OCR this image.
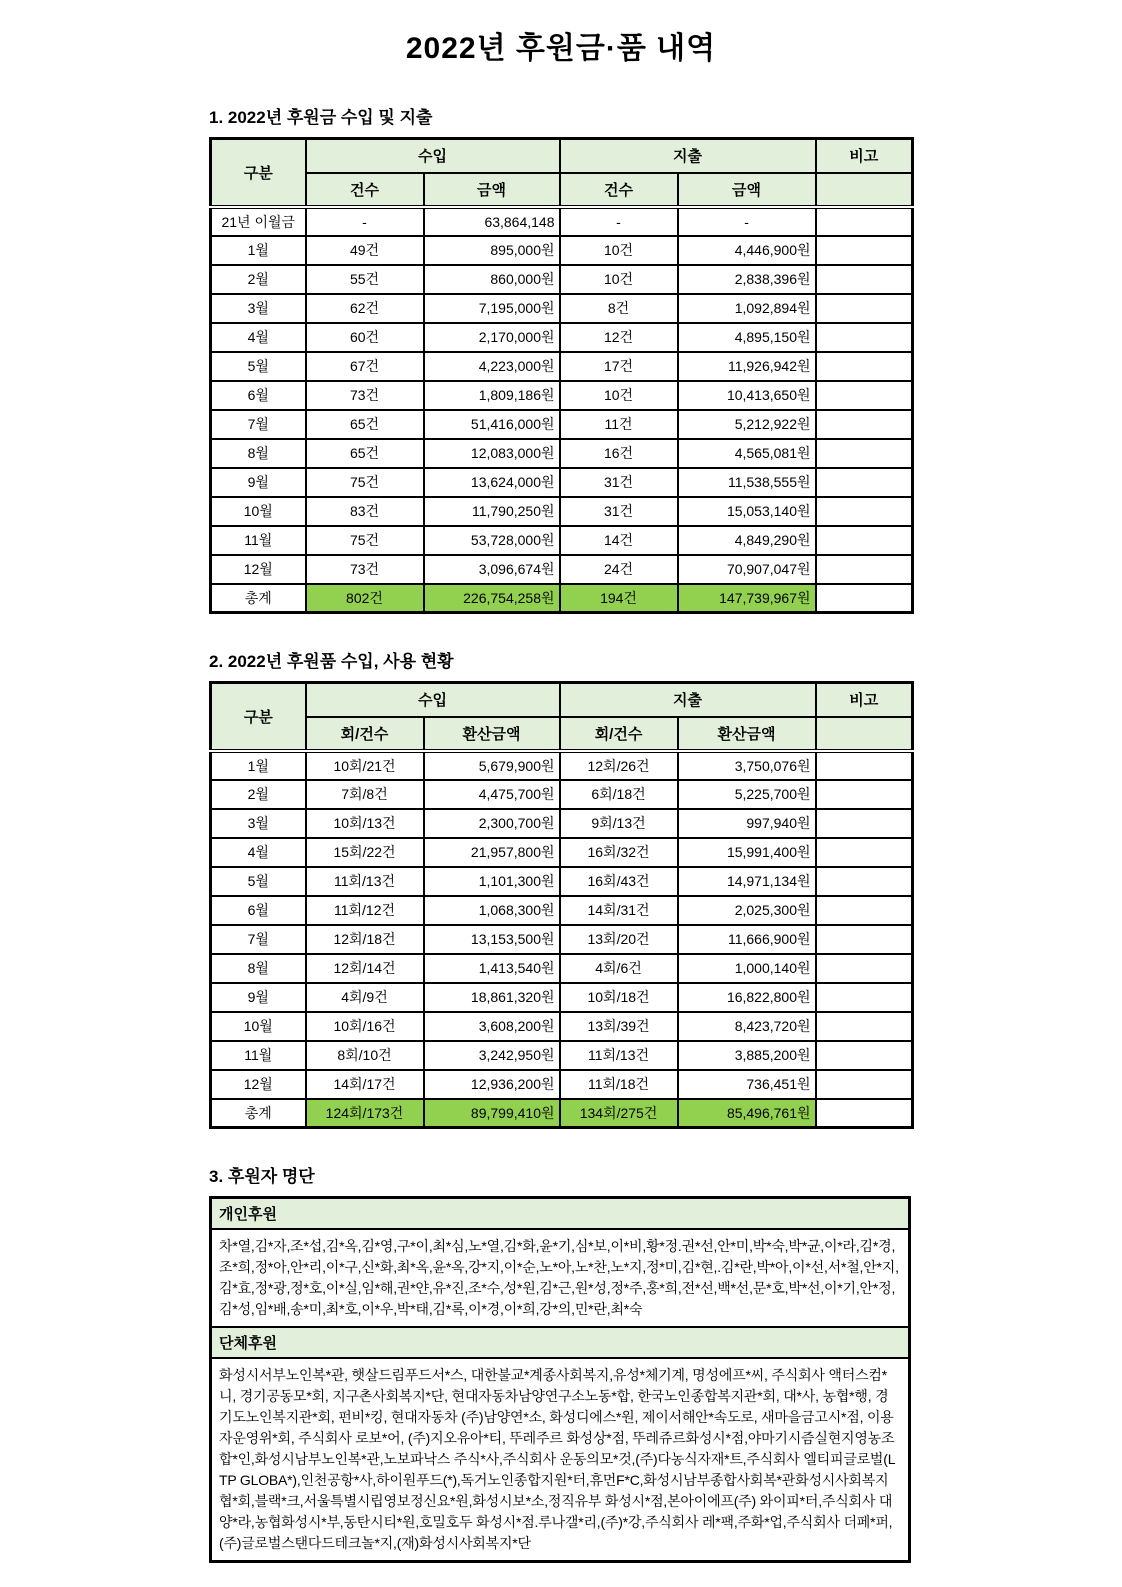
2022년 후원금·품 내역
1. 2022년 후원금 수입 및 지출
구분	수입		지출		비고
	건수	금액	건수	금액	
21년 이월금	-	63,864,148	-	-	
1월	49건	895,000원	10건	4,446,900원	
2월	55건	860,000원	10건	2,838,396원	
3월	62건	7,195,000원	8건	1,092,894원	
4월	60건	2,170,000원	12건	4,895,150원	
5월	67건	4,223,000원	17건	11,926,942원	
6월	73건	1,809,186원	10건	10,413,650원	
7월	65건	51,416,000원	11건	5,212,922원	
8월	65건	12,083,000원	16건	4,565,081원	
9월	75건	13,624,000원	31건	11,538,555원	
10월	83건	11,790,250원	31건	15,053,140원	
11월	75건	53,728,000원	14건	4,849,290원	
12월	73건	3,096,674원	24건	70,907,047원	
총계	802건	226,754,258원	194건	147,739,967원	
2. 2022년 후원품 수입, 사용 현황
구분	수입		지출		비고
	회/건수	환산금액	회/건수	환산금액	
1월	10회/21건	5,679,900원	12회/26건	3,750,076원	
2월	7회/8건	4,475,700원	6회/18건	5,225,700원	
3월	10회/13건	2,300,700원	9회/13건	997,940원	
4월	15회/22건	21,957,800원	16회/32건	15,991,400원	
5월	11회/13건	1,101,300원	16회/43건	14,971,134원	
6월	11회/12건	1,068,300원	14회/31건	2,025,300원	
7월	12회/18건	13,153,500원	13회/20건	11,666,900원	
8월	12회/14건	1,413,540원	4회/6건	1,000,140원	
9월	4회/9건	18,861,320원	10회/18건	16,822,800원	
10월	10회/16건	3,608,200원	13회/39건	8,423,720원	
11월	8회/10건	3,242,950원	11회/13건	3,885,200원	
12월	14회/17건	12,936,200원	11회/18건	736,451원	
총계	124회/173건	89,799,410원	134회/275건	85,496,761원	
3. 후원자 명단
개인후원
차*열,김*자,조*섭,김*옥,김*영,구*이,최*심,노*열,김*화,윤*기,심*보,이*비,황*정.권*선,안*미,박*숙,박*균,이*라,김*경,조*희,정*아,안*리,이*구,신*화,최*옥,윤*옥,강*지,이*순,노*아,노*찬,노*지,정*미,김*현,.김*란,박*아,이*선,서*철,안*지,김*효,정*광,정*호,이*실,임*해,권*얀,유*진,조*수,성*원,김*근,원*성,정*주,홍*희,전*선,백*선,문*호,박*선,이*기,안*정,김*성,임*배,송*미,최*호,이*우,박*태,김*록,이*경,이*희,강*의,민*란,최*숙
단체후원
화성시서부노인복*관, 햇살드림푸드서*스, 대한불교*계종사회복지,유성*체기계, 명성에프*씨, 주식회사 액터스컴*니, 경기공동모*회, 지구촌사회복지*단, 현대자동차남양연구소노동*합, 한국노인종합복지관*회, 대*사, 농협*행, 경기도노인복지관*회, 펀비*킹, 현대자동차 (주)남양연*소, 화성디에스*원, 제이서해안*속도로, 새마을금고시*점, 이용자운영위*회, 주식회사 로보*어, (주)지오유아*티, 뚜레주르 화성상*점, 뚜레쥬르화성시*점,야마기시즘실현지영농조합*인,화성시남부노인복*관,노보파낙스 주식*사,주식회사 운동의모*것,(주)다농식자재*트,주식회사 엘티피글로벌(LTP GLOBA*),인천공항*사,하이원푸드(*),독거노인종합지원*터,휴먼F*C,화성시남부종합사회복*관화성시사회복지협*회,블랙*크,서울특별시립영보정신요*원,화성시보*소,정직유부 화성시*점,본아이에프(주) 와이피*터,주식회사 대양*라,농협화성시*부,동탄시티*원,호밀호두 화성시*점.루나갤*리,(주)*강,주식회사 레*팩,주화*업,주식회사 더페*퍼,(주)글로벌스탠다드테크놀*지,(재)화성시사회복지*단
